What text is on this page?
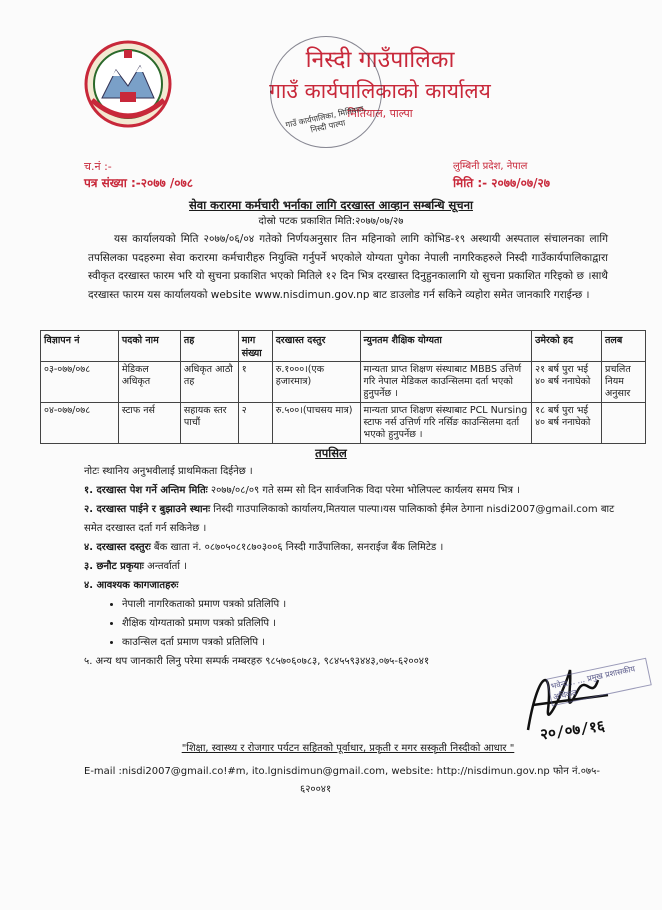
निस्दी गाउँपालिका
गाउँ कार्यपालिकाको कार्यालय
मितियाल, पाल्पा
गाउँ कार्यपालिका, मितियाल, निस्दी पाल्पा
च.नं :-
पत्र संख्या :-२०७७ /०७८
लुम्बिनी प्रदेश, नेपाल
मिति :- २०७७/०७/२७
सेवा करारमा कर्मचारी भर्नाका लागि दरखास्त आव्हान सम्बन्धि सूचना
दोस्रो पटक प्रकाशित मिति:२०७७/०७/२७
यस कार्यालयको मिति २०७७/०६/०४ गतेको निर्णयअनुसार तिन महिनाको लागि कोभिड-१९ अस्थायी अस्पताल संचालनका लागि तपसिलका पदहरुमा सेवा करारमा कर्मचारीहरु नियुक्ति गर्नुपर्ने भएकोले योग्यता पुगेका नेपाली नागरिकहरुले निस्दी गाउँकार्यपालिकाद्वारा स्वीकृत दरखास्त फारम भरि यो सुचना प्रकाशित भएको मितिले १२ दिन भित्र दरखास्त दिनुहुनकालागि यो सुचना प्रकाशित गरिइको छ ।साथै दरखास्त फारम यस कार्यालयको website www.nisdimun.gov.np बाट डाउलोड गर्न सकिने व्यहोरा समेत जानकारि गराईन्छ ।
विज्ञापन नं	पदको नाम	तह	माग संख्या	दरखास्त दस्तुर	न्युनतम शैक्षिक योग्यता	उमेरको हद	तलब
०३-०७७/०७८	मेडिकल अधिकृत	अधिकृत आठौ तह	१	रु.१०००।(एक हजारमात्र)	मान्यता प्राप्त शिक्षण संस्थाबाट MBBS उत्तिर्ण गरि नेपाल मेडिकल काउन्सिलमा दर्ता भएको हुनुपर्नेछ ।	२१ बर्ष पुरा भई ४० बर्ष ननाघेको	प्रचलित नियम अनुसार
०४-०७७/०७८	स्टाफ नर्स	सहायक स्तर पाचौं	२	रु.५००।(पाचसय मात्र)	मान्यता प्राप्त शिक्षण संस्थाबाट PCL Nursing स्टाफ नर्स उत्तिर्ण गरि नर्सिङ काउन्सिलमा दर्ता भएको हुनुपर्नेछ ।	१८ बर्ष पुरा भई ४० बर्ष ननाघेको	
तपसिल

नोटः स्थानिय अनुभवीलाई प्राथमिकता दिईनेछ ।

१. दरखास्त पेश गर्ने अन्तिम मितिः २०७७/०८/०९ गते सम्म सो दिन सार्वजनिक विदा परेमा भोलिपल्ट कार्यलय समय भित्र ।

२. दरखास्त पाईने र बुझाउने स्थानः निस्दी गाउपालिकाको कार्यालय,मितयाल पाल्पा।यस पालिकाको ईमेल ठेगाना nisdi2007@gmail.com बाट समेत दरखास्त दर्ता गर्न सकिनेछ ।

४. दरखास्त दस्तुरः बैंक खाता नं. ०८७०५०८१८७०३००६ निस्दी गाउँपालिका, सनराईज बैंक लिमिटेड ।

३. छनौट प्रकृयाः अन्तर्वार्ता ।

४. आवश्यक कागजातहरुः

• नेपाली नागरिकताको प्रमाण पत्रको प्रतिलिपि ।
• शैक्षिक योग्यताको प्रमाण पत्रको प्रतिलिपि ।
• काउन्सिल दर्ता प्रमाण पत्रको प्रतिलिपि ।

५. अन्य थप जानकारी लिनु परेमा सम्पर्क नम्बरहरु ९८५७०६०७८३, ९८४५५९३४४३,०७५-६२००४१

भवेन्द्र... ... प्रमुख प्रशासकीय अधिकृत
२०/०७/१६
"शिक्षा, स्वास्थ्य र रोजगार पर्यटन सहितको पूर्वाधार, प्रकृती र मगर सस्कृती निस्दीको आधार "
E-mail :nisdi2007@gmail.co!#m, ito.lgnisdimun@gmail.com, website: http://nisdimun.gov.np फोन नं.०७५-
६२००४१
